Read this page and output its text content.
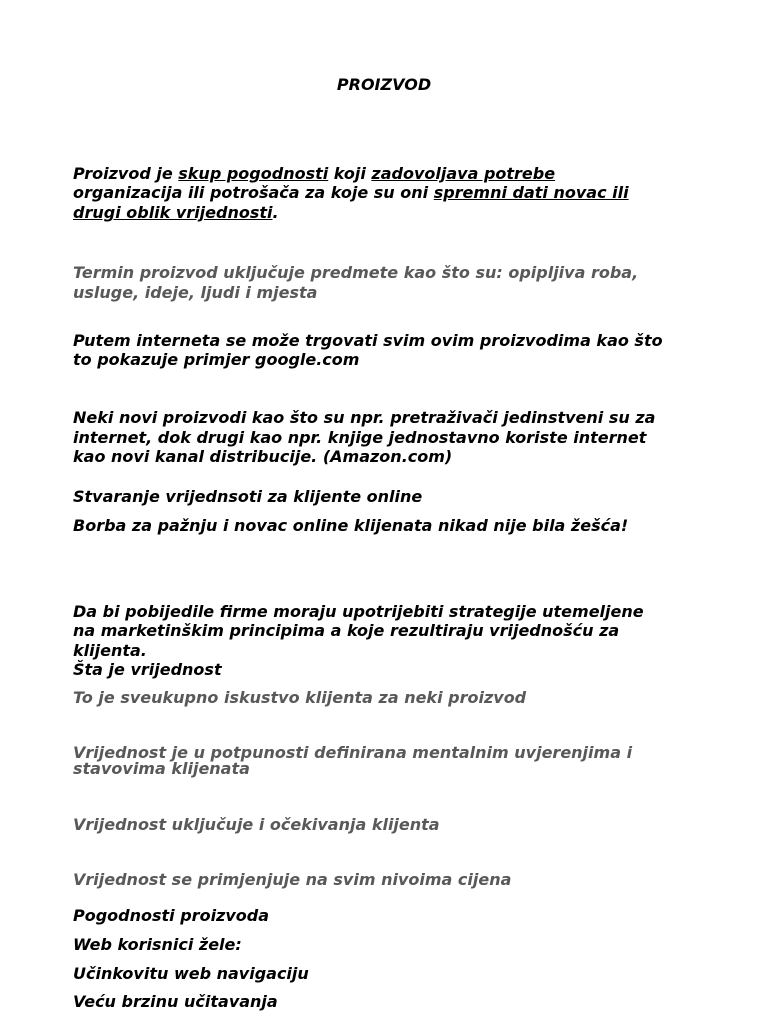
PROIZVOD

Proizvod je skup pogodnosti koji zadovoljava potrebe

organizacija ili potrošača za koje su oni spremni dati novac ili

drugi oblik vrijednosti.

Termin proizvod uključuje predmete kao što su: opipljiva roba,

usluge, ideje, ljudi i mjesta

Putem interneta se može trgovati svim ovim proizvodima kao što

to pokazuje primjer google.com

Neki novi proizvodi kao što su npr. pretraživači jedinstveni su za

internet, dok drugi kao npr. knjige jednostavno koriste internet

kao novi kanal distribucije. (Amazon.com)

Stvaranje vrijednsoti za klijente online

Borba za pažnju i novac online klijenata nikad nije bila žešća!

Da bi pobijedile firme moraju upotrijebiti strategije utemeljene

na marketinškim principima a koje rezultiraju vrijednošću za

klijenta.

Šta je vrijednost

To je sveukupno iskustvo klijenta za neki proizvod

Vrijednost je u potpunosti definirana mentalnim uvjerenjima i

stavovima klijenata

Vrijednost uključuje i očekivanja klijenta

Vrijednost se primjenjuje na svim nivoima cijena

Pogodnosti proizvoda

Web korisnici žele:

Učinkovitu web navigaciju

Veću brzinu učitavanja
